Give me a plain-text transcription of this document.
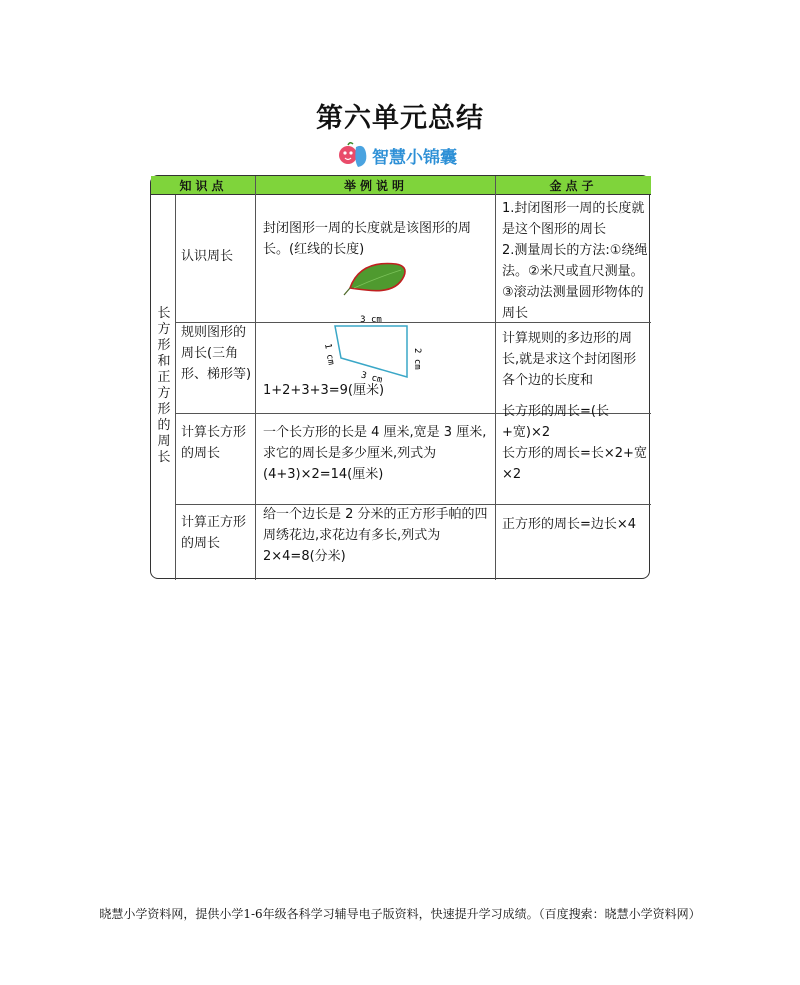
第六单元总结
智慧小锦囊
知识点	举例说明	金点子
长方形和正方形的周长
认识周长
封闭图形一周的长度就是该图形的周长。(红线的长度)
1.封闭图形一周的长度就是这个图形的周长
2.测量周长的方法:①绕绳法。②米尺或直尺测量。③滚动法测量圆形物体的周长
规则图形的周长(三角形、梯形等)
3 cm
1 cm
3 cm
2 cm
1+2+3+3=9(厘米)
计算规则的多边形的周长,就是求这个封闭图形各个边的长度和
计算长方形的周长
一个长方形的长是 4 厘米,宽是 3 厘米,求它的周长是多少厘米,列式为(4+3)×2=14(厘米)
长方形的周长=(长+宽)×2
长方形的周长=长×2+宽×2
计算正方形的周长
给一个边长是 2 分米的正方形手帕的四周绣花边,求花边有多长,列式为 2×4=8(分米)
正方形的周长=边长×4
晓慧小学资料网，提供小学1-6年级各科学习辅导电子版资料，快速提升学习成绩。（百度搜索：晓慧小学资料网）
